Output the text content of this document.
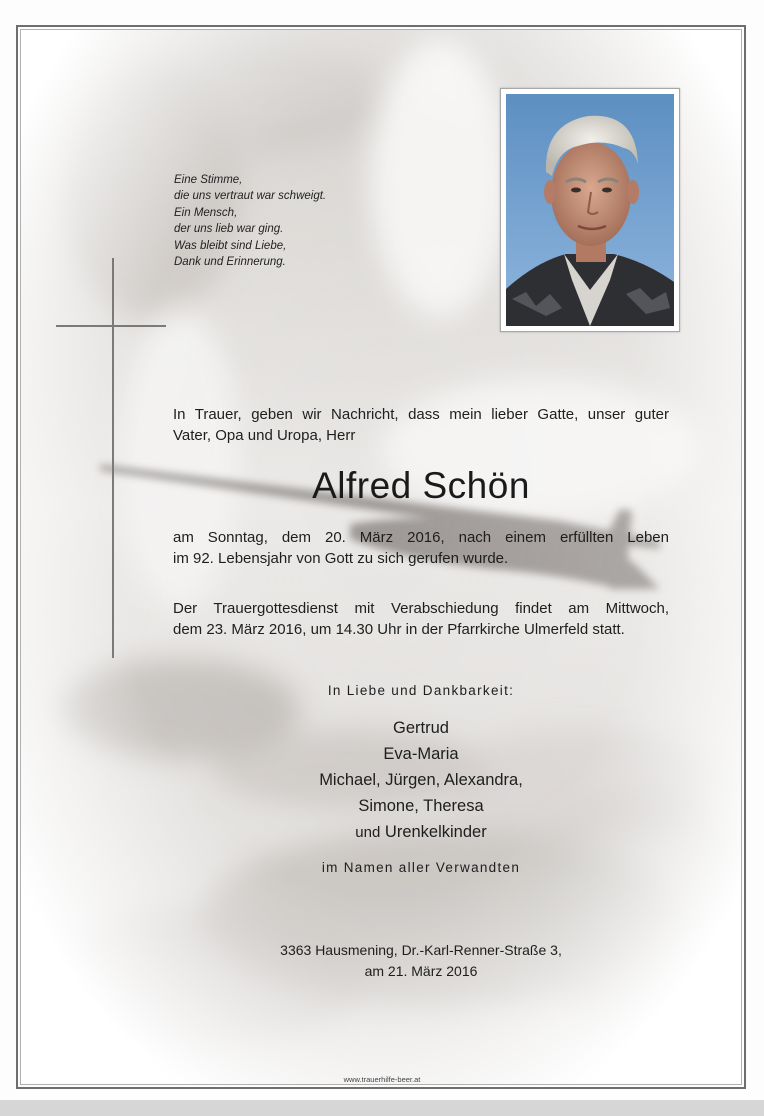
Eine Stimme,
die uns vertraut war schweigt.
Ein Mensch,
der uns lieb war ging.
Was bleibt sind Liebe,
Dank und Erinnerung.
In Trauer, geben wir Nachricht, dass mein lieber Gatte, unser guter
Vater, Opa und Uropa, Herr
Alfred Schön
am Sonntag, dem 20. März 2016, nach einem erfüllten Leben
im 92. Lebensjahr von Gott zu sich gerufen wurde.
Der Trauergottesdienst mit Verabschiedung findet am Mittwoch,
dem 23. März 2016, um 14.30 Uhr in der Pfarrkirche Ulmerfeld statt.
In Liebe und Dankbarkeit:
Gertrud
Eva-Maria
Michael, Jürgen, Alexandra,
Simone, Theresa
und Urenkelkinder
im Namen aller Verwandten
3363 Hausmening, Dr.-Karl-Renner-Straße 3,
am 21. März 2016
www.trauerhilfe-beer.at
